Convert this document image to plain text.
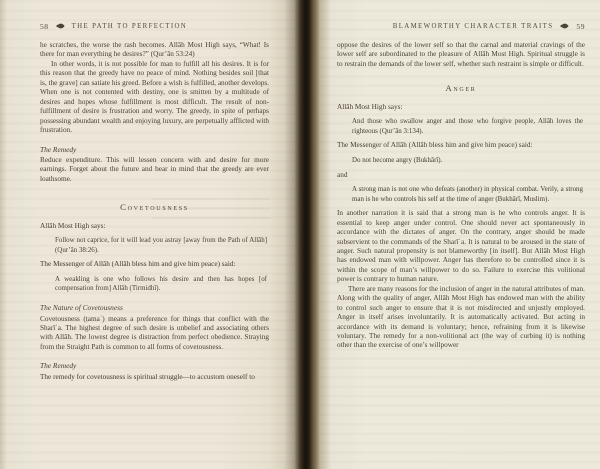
58	THE PATH TO PERFECTION

he scratches, the worse the rash becomes. Allāh Most High says, “What! Is there for man everything he desires?” (Qur’ān 53:24)

In other words, it is not possible for man to fulfill all his desires. It is for this reason that the greedy have no peace of mind. Nothing besides soil [that is, the grave] can satiate his greed. Before a wish is fulfilled, another develops. When one is not contented with destiny, one is smitten by a multitude of desires and hopes whose fulfillment is most difficult. The result of non-fulfillment of desire is frustration and worry. The greedy, in spite of perhaps possessing abundant wealth and enjoying luxury, are perpetually afflicted with frustration.

The Remedy

Reduce expenditure. This will lessen concern with and desire for more earnings. Forget about the future and bear in mind that the greedy are ever loathsome.

Covetousness

Allāh Most High says:

Follow not caprice, for it will lead you astray [away from the Path of Allāh] (Qur’ān 38:26).

The Messenger of Allāh (Allāh bless him and give him peace) said:

A weakling is one who follows his desire and then has hopes [of compensation from] Allāh (Tirmidhī).

The Nature of Covetousness

Covetousness (ṭamaʿ) means a preference for things that conflict with the Sharīʿa. The highest degree of such desire is unbelief and associating others with Allāh. The lowest degree is distraction from perfect obedience. Straying from the Straight Path is common to all forms of covetousness.

The Remedy

The remedy for covetousness is spiritual struggle—to accustom oneself to

BLAMEWORTHY CHARACTER TRAITS	59

oppose the desires of the lower self so that the carnal and material cravings of the lower self are subordinated to the pleasure of Allāh Most High. Spiritual struggle is to restrain the demands of the lower self, whether such restraint is simple or difficult.

Anger

Allāh Most High says:

And those who swallow anger and those who forgive people, Allāh loves the righteous (Qur’ān 3:134).

The Messenger of Allāh (Allāh bless him and give him peace) said:

Do not become angry (Bukhārī).

and

A strong man is not one who defeats (another) in physical combat. Verily, a strong man is he who controls his self at the time of anger (Bukhārī, Muslim).

In another narration it is said that a strong man is he who controls anger. It is essential to keep anger under control. One should never act spontaneously in accordance with the dictates of anger. On the contrary, anger should be made subservient to the commands of the Sharīʿa. It is natural to be aroused in the state of anger. Such natural propensity is not blameworthy [in itself]. But Allāh Most High has endowed man with willpower. Anger has therefore to be controlled since it is within the scope of man’s willpower to do so. Failure to exercise this volitional power is contrary to human nature.

There are many reasons for the inclusion of anger in the natural attributes of man. Along with the quality of anger, Allāh Most High has endowed man with the ability to control such anger to ensure that it is not misdirected and unjustly employed. Anger in itself arises involuntarily. It is automatically activated. But acting in accordance with its demand is voluntary; hence, refraining from it is likewise voluntary. The remedy for a non-volitional act (the way of curbing it) is nothing other than the exercise of one’s willpower
